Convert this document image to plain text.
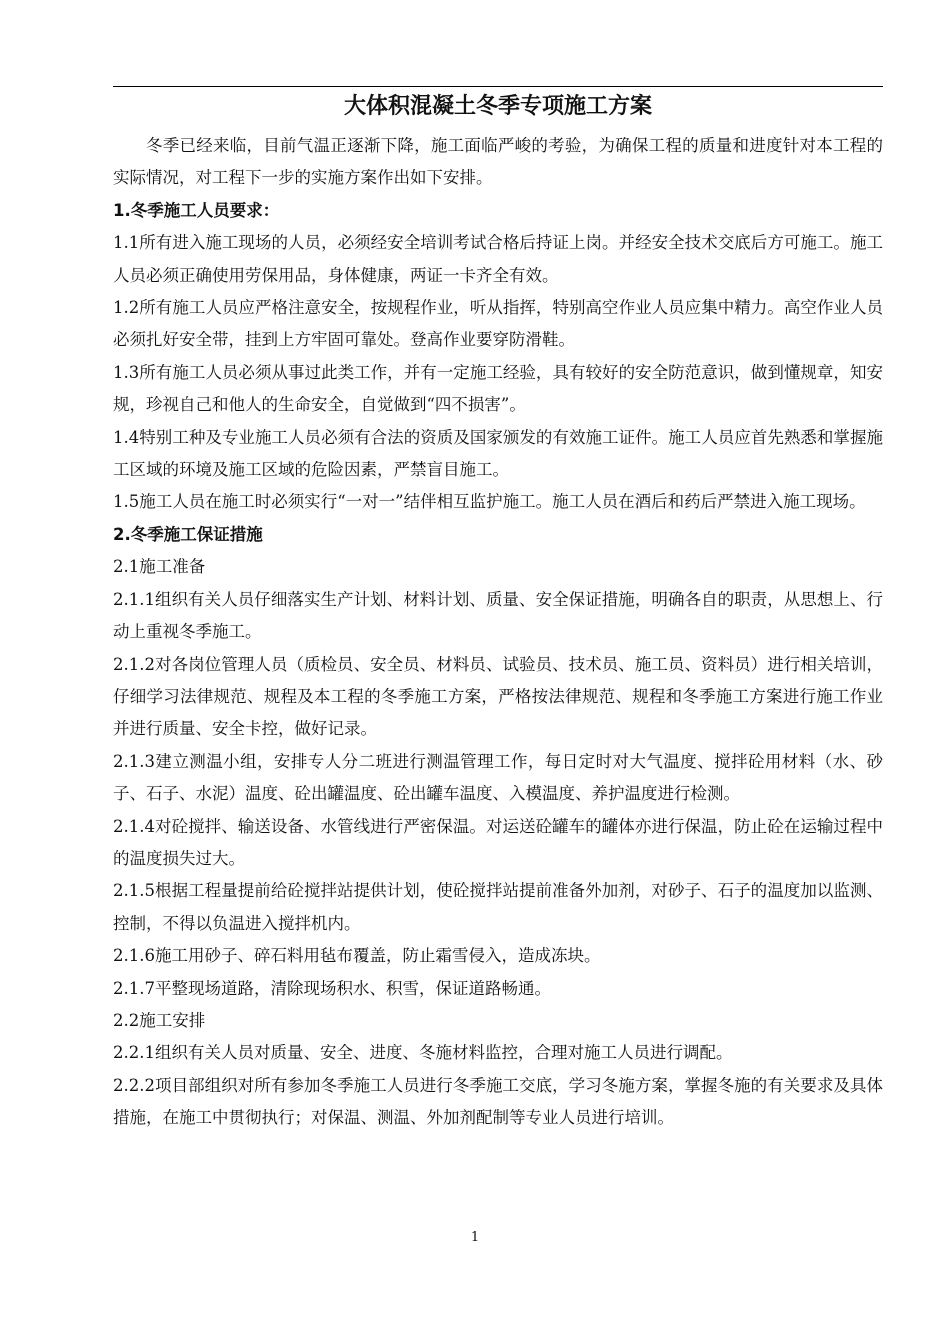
大体积混凝土冬季专项施工方案

冬季已经来临，目前气温正逐渐下降，施工面临严峻的考验，为确保工程的质量和进度针对本工程的实际情况，对工程下一步的实施方案作出如下安排。

1.冬季施工人员要求：

1.1所有进入施工现场的人员，必须经安全培训考试合格后持证上岗。并经安全技术交底后方可施工。施工人员必须正确使用劳保用品，身体健康，两证一卡齐全有效。

1.2所有施工人员应严格注意安全，按规程作业，听从指挥，特别高空作业人员应集中精力。高空作业人员必须扎好安全带，挂到上方牢固可靠处。登高作业要穿防滑鞋。

1.3所有施工人员必须从事过此类工作，并有一定施工经验，具有较好的安全防范意识，做到懂规章，知安规，珍视自己和他人的生命安全，自觉做到“四不损害”。

1.4特别工种及专业施工人员必须有合法的资质及国家颁发的有效施工证件。施工人员应首先熟悉和掌握施工区域的环境及施工区域的危险因素，严禁盲目施工。

1.5施工人员在施工时必须实行“一对一”结伴相互监护施工。施工人员在酒后和药后严禁进入施工现场。

2.冬季施工保证措施

2.1施工准备

2.1.1组织有关人员仔细落实生产计划、材料计划、质量、安全保证措施，明确各自的职责，从思想上、行动上重视冬季施工。

2.1.2对各岗位管理人员（质检员、安全员、材料员、试验员、技术员、施工员、资料员）进行相关培训，仔细学习法律规范、规程及本工程的冬季施工方案，严格按法律规范、规程和冬季施工方案进行施工作业并进行质量、安全卡控，做好记录。

2.1.3建立测温小组，安排专人分二班进行测温管理工作，每日定时对大气温度、搅拌砼用材料（水、砂子、石子、水泥）温度、砼出罐温度、砼出罐车温度、入模温度、养护温度进行检测。

2.1.4对砼搅拌、输送设备、水管线进行严密保温。对运送砼罐车的罐体亦进行保温，防止砼在运输过程中的温度损失过大。

2.1.5根据工程量提前给砼搅拌站提供计划，使砼搅拌站提前准备外加剂，对砂子、石子的温度加以监测、控制，不得以负温进入搅拌机内。

2.1.6施工用砂子、碎石料用毡布覆盖，防止霜雪侵入，造成冻块。

2.1.7平整现场道路，清除现场积水、积雪，保证道路畅通。

2.2施工安排

2.2.1组织有关人员对质量、安全、进度、冬施材料监控，合理对施工人员进行调配。

2.2.2项目部组织对所有参加冬季施工人员进行冬季施工交底，学习冬施方案，掌握冬施的有关要求及具体措施，在施工中贯彻执行；对保温、测温、外加剂配制等专业人员进行培训。

1
